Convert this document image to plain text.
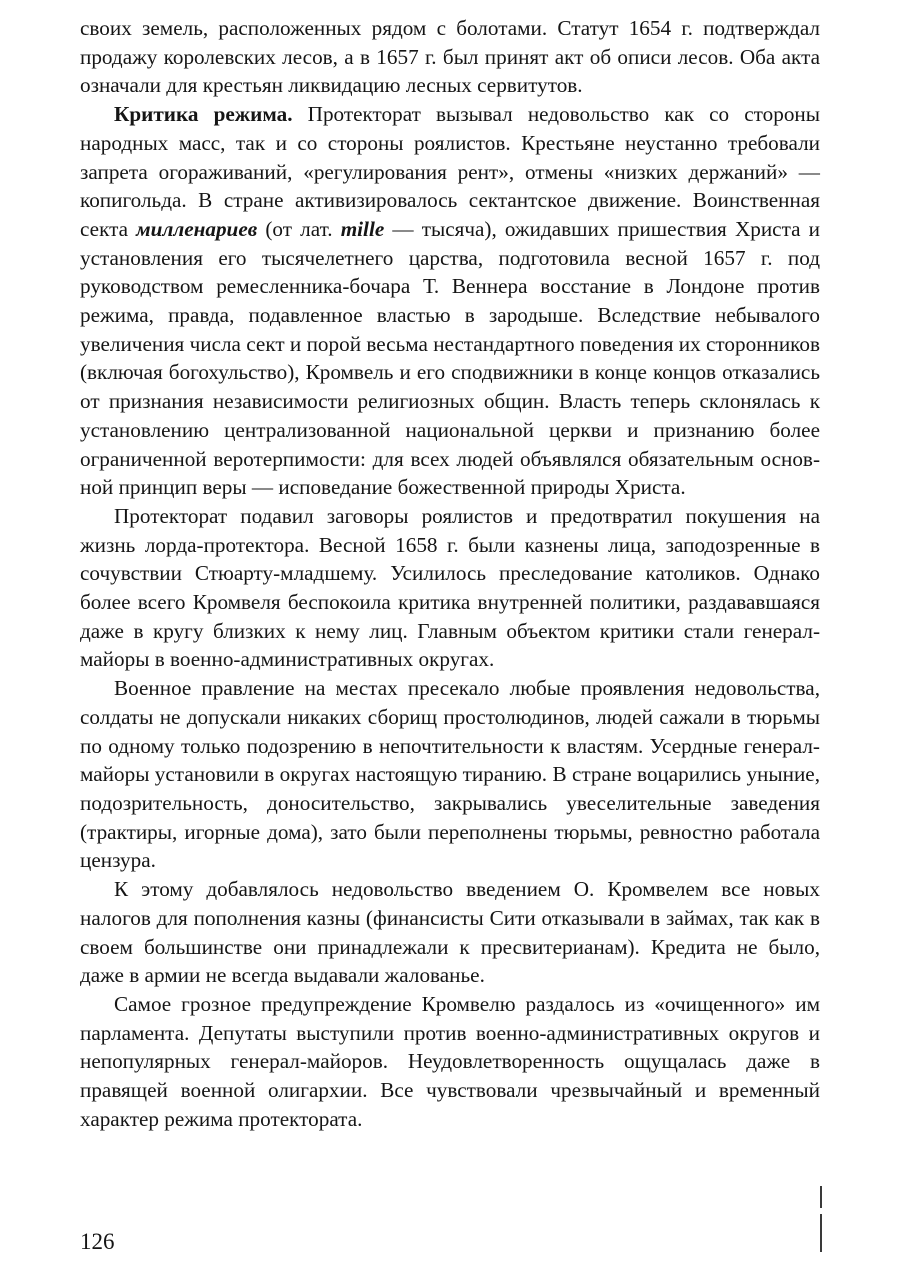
своих земель, расположенных рядом с болотами. Статут 1654 г. подтверждал продажу королевских лесов, а в 1657 г. был принят акт об описи лесов. Оба акта означали для крестьян ликвидацию лесных сервитутов.

Критика режима. Протекторат вызывал недовольство как со стороны народных масс, так и со стороны роялистов. Крестьяне неустанно требовали запрета огораживаний, «регулирования рент», отмены «низких держаний» — копигольда. В стране активизировалось сектантское движение. Воинственная секта милленариев (от лат. mille — тысяча), ожидавших пришествия Христа и установления его тысячелетнего царства, подготовила весной 1657 г. под руководством ремесленника-бочара Т. Веннера восстание в Лондоне против режима, правда, подавленное властью в зародыше. Вследствие небывалого увеличения числа сект и порой весьма нестандартного поведения их сторонников (включая богохульство), Кромвель и его сподвижники в конце концов отказались от признания независимости религиозных общин. Власть теперь склонялась к установлению централизованной национальной церкви и признанию более ограниченной веротерпимости: для всех людей объявлялся обязательным основной принцип веры — исповедание божественной природы Христа.

Протекторат подавил заговоры роялистов и предотвратил покушения на жизнь лорда-протектора. Весной 1658 г. были казнены лица, заподозренные в сочувствии Стюарту-младшему. Усилилось преследование католиков. Однако более всего Кромвеля беспокоила критика внутренней политики, раздававшаяся даже в кругу близких к нему лиц. Главным объектом критики стали генерал-майоры в военно-административных округах.

Военное правление на местах пресекало любые проявления недовольства, солдаты не допускали никаких сборищ простолюдинов, людей сажали в тюрьмы по одному только подозрению в непочтительности к властям. Усердные генерал-майоры установили в округах настоящую тиранию. В стране воцарились уныние, подозрительность, доносительство, закрывались увеселительные заведения (трактиры, игорные дома), зато были переполнены тюрьмы, ревностно работала цензура.

К этому добавлялось недовольство введением О. Кромвелем все новых налогов для пополнения казны (финансисты Сити отказывали в займах, так как в своем большинстве они принадлежали к пресвитерианам). Кредита не было, даже в армии не всегда выдавали жалованье.

Самое грозное предупреждение Кромвелю раздалось из «очищенного» им парламента. Депутаты выступили против военно-административных округов и непопулярных генерал-майоров. Неудовлетворенность ощущалась даже в правящей военной олигархии. Все чувствовали чрезвычайный и временный характер режима протектората.

126
